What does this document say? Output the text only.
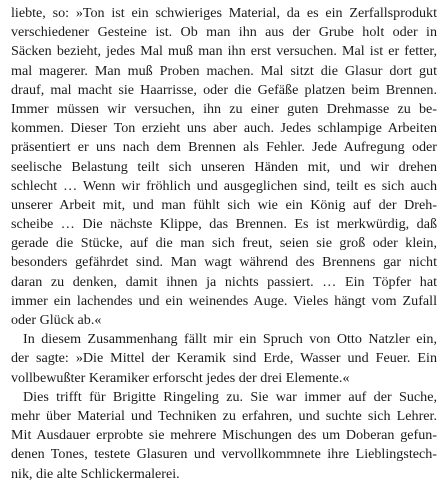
liebte, so: »Ton ist ein schwieriges Material, da es ein Zerfallsprodukt
verschiedener Gesteine ist. Ob man ihn aus der Grube holt oder in
Säcken bezieht, jedes Mal muß man ihn erst versuchen. Mal ist er fetter,
mal magerer. Man muß Proben machen. Mal sitzt die Glasur dort gut
drauf, mal macht sie Haarrisse, oder die Gefäße platzen beim Brennen.
Immer müssen wir versuchen, ihn zu einer guten Drehmasse zu be-
kommen. Dieser Ton erzieht uns aber auch. Jedes schlampige Arbeiten
präsentiert er uns nach dem Brennen als Fehler. Jede Aufregung oder
seelische Belastung teilt sich unseren Händen mit, und wir drehen
schlecht … Wenn wir fröhlich und ausgeglichen sind, teilt es sich auch
unserer Arbeit mit, und man fühlt sich wie ein König auf der Dreh-
scheibe … Die nächste Klippe, das Brennen. Es ist merkwürdig, daß
gerade die Stücke, auf die man sich freut, seien sie groß oder klein,
besonders gefährdet sind. Man wagt während des Brennens gar nicht
daran zu denken, damit ihnen ja nichts passiert. … Ein Töpfer hat
immer ein lachendes und ein weinendes Auge. Vieles hängt vom Zufall
oder Glück ab.«
In diesem Zusammenhang fällt mir ein Spruch von Otto Natzler ein,
der sagte: »Die Mittel der Keramik sind Erde, Wasser und Feuer. Ein
vollbewußter Keramiker erforscht jedes der drei Elemente.«
Dies trifft für Brigitte Ringeling zu. Sie war immer auf der Suche,
mehr über Material und Techniken zu erfahren, und suchte sich Lehrer.
Mit Ausdauer erprobte sie mehrere Mischungen des um Doberan gefun-
denen Tones, testete Glasuren und vervollkommnete ihre Lieblingstech-
nik, die alte Schlickermalerei.
